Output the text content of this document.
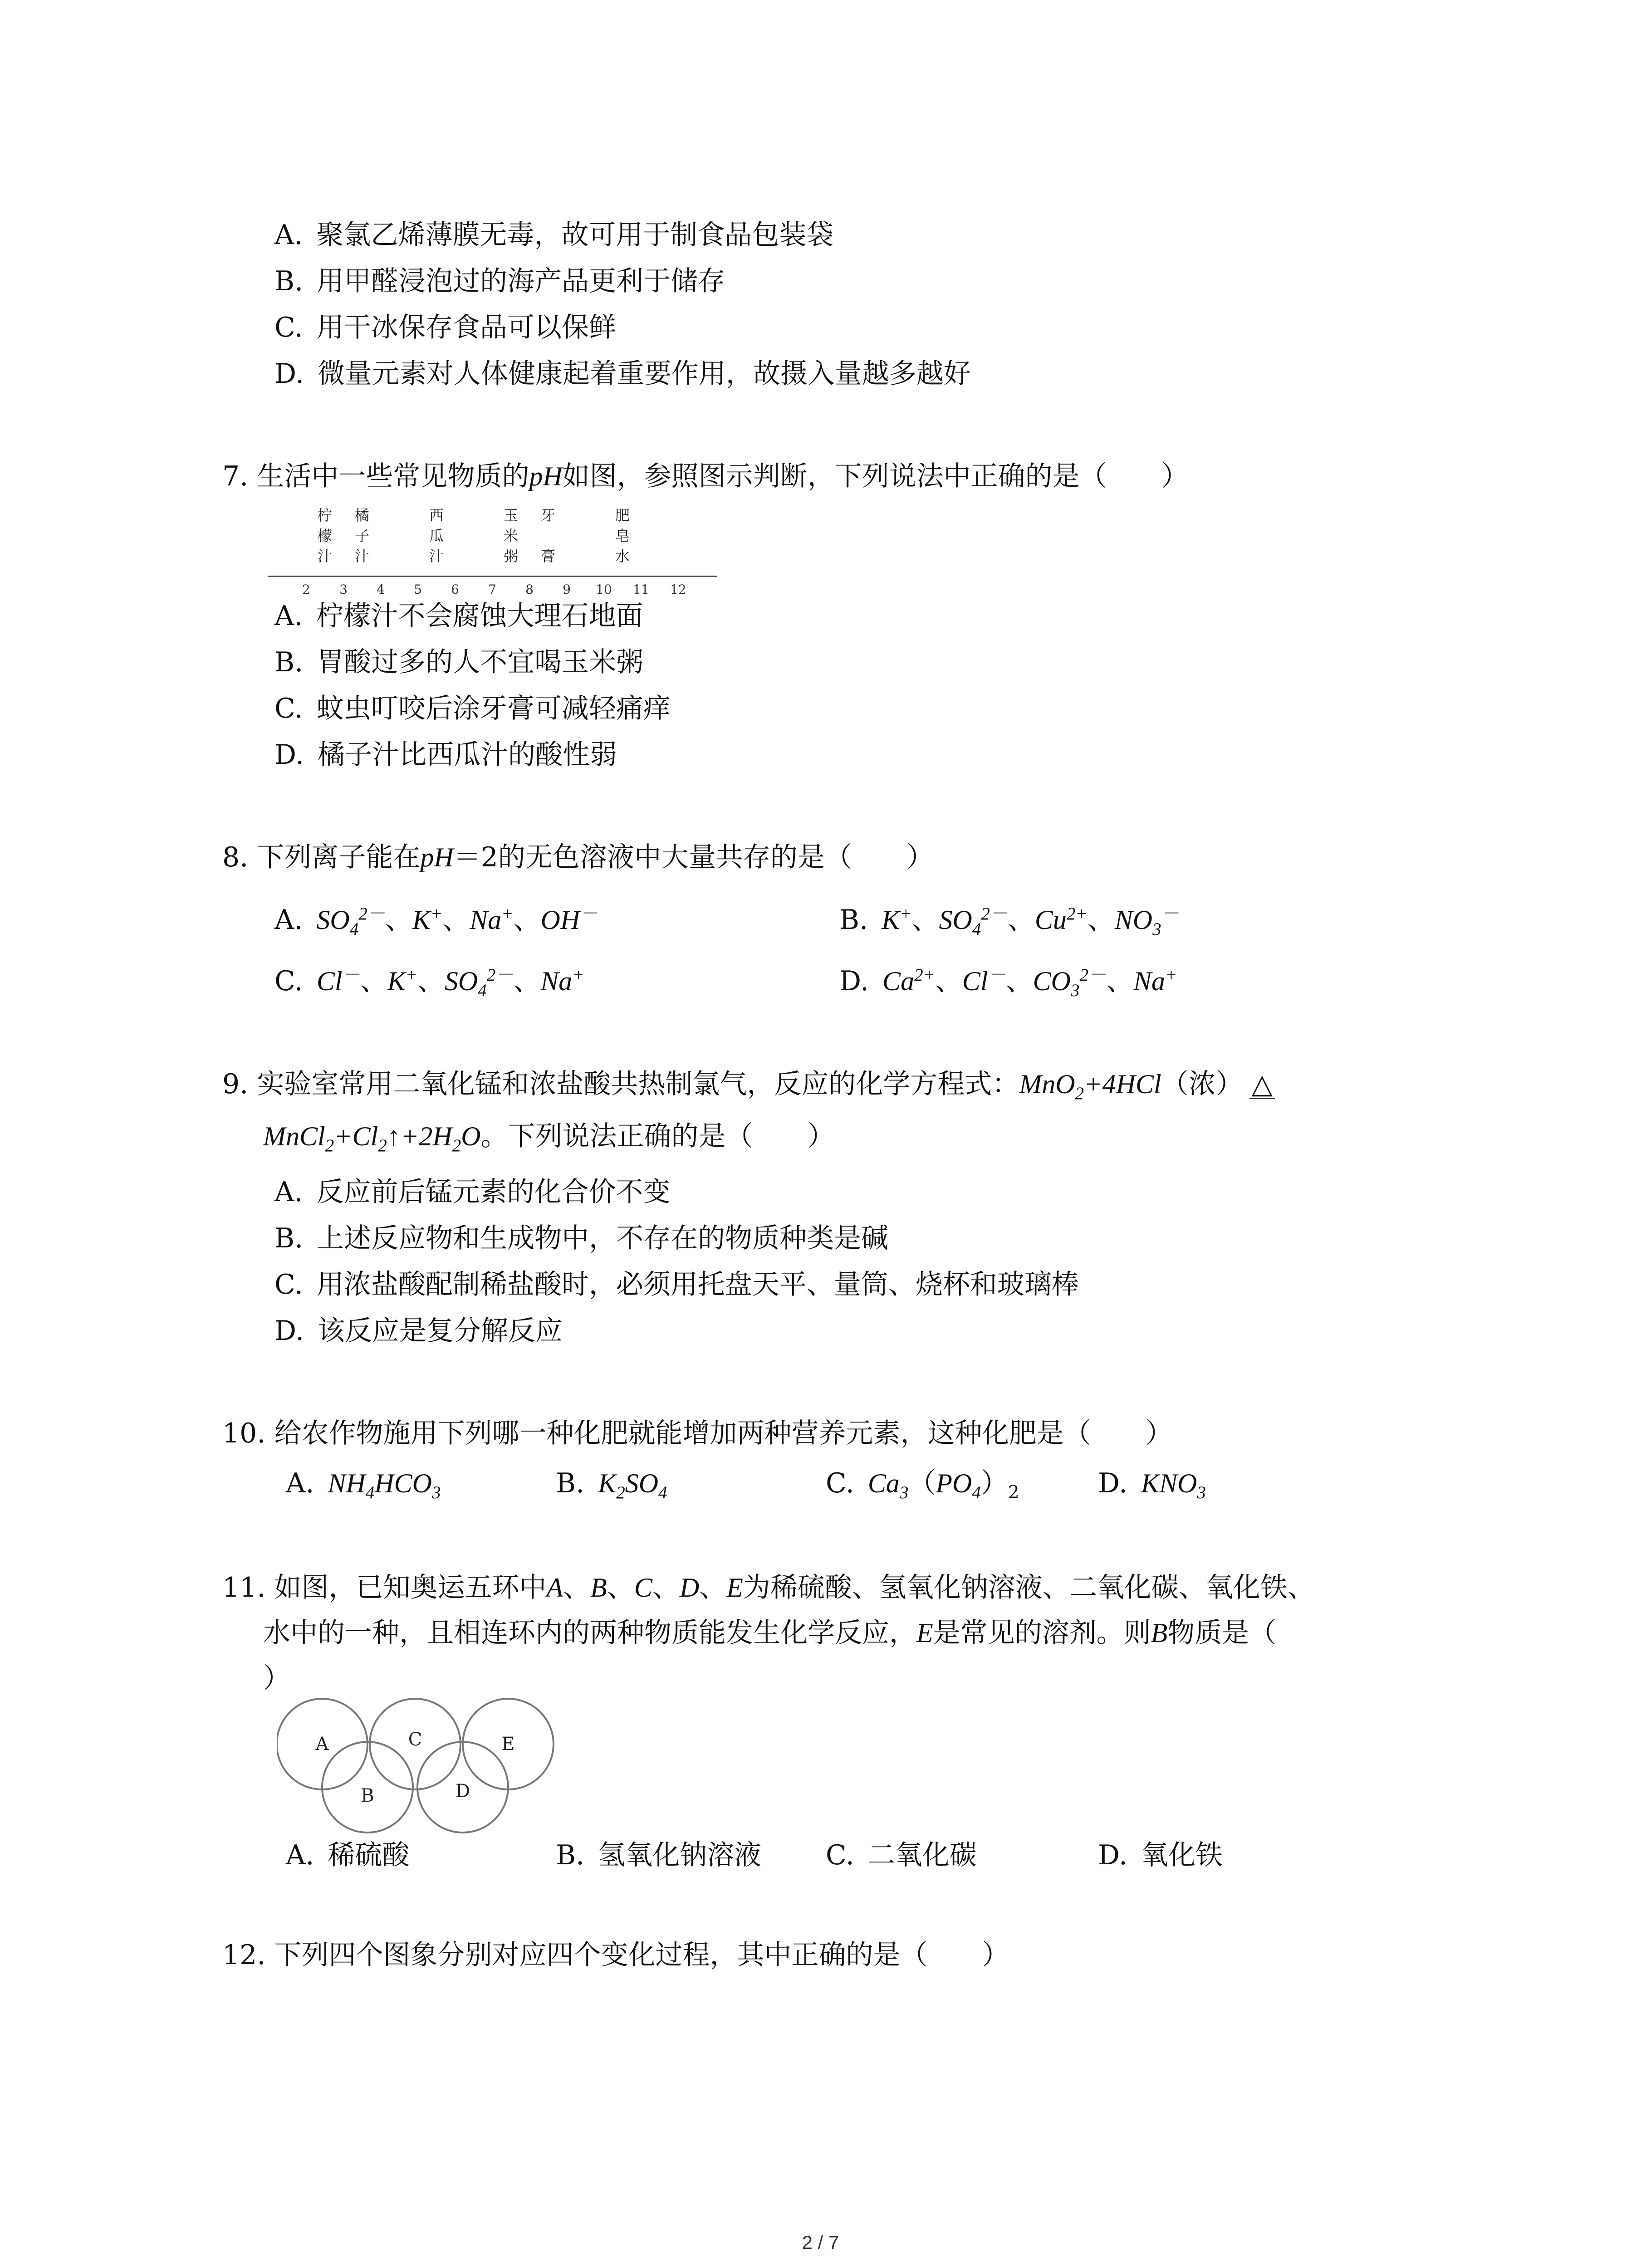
A. 聚氯乙烯薄膜无毒，故可用于制食品包装袋
B. 用甲醛浸泡过的海产品更利于储存
C. 用干冰保存食品可以保鲜
D. 微量元素对人体健康起着重要作用，故摄入量越多越好
7. 生活中一些常见物质的pH如图，参照图示判断，下列说法中正确的是（　　）
2	3	4	5	6	7	8	9	10 11 12
柠
檬
汁
橘
子
汁
西
瓜
汁
玉
米
粥
牙
膏
肥
皂
水
A. 柠檬汁不会腐蚀大理石地面
B. 胃酸过多的人不宜喝玉米粥
C. 蚊虫叮咬后涂牙膏可减轻痛痒
D. 橘子汁比西瓜汁的酸性弱
8. 下列离子能在pH＝2的无色溶液中大量共存的是（　　）
A. $SO_4^{2-}$、K+、Na+、OH－	B. K+、$SO_4^{2-}$、$Cu^{2+}$、$NO_3^-$
C. Cl－、K+、$SO_4^{2-}$、Na+	D. $Ca^{2+}$、Cl－、$CO_3^{2-}$、Na+
9. 实验室常用二氧化锰和浓盐酸共热制氯气，反应的化学方程式：MnO$_2$+4HCl（浓） △
$MnCl_2+Cl_2↑+2H_2O$。下列说法正确的是（　　）
A. 反应前后锰元素的化合价不变
B. 上述反应物和生成物中，不存在的物质种类是碱
C. 用浓盐酸配制稀盐酸时，必须用托盘天平、量筒、烧杯和玻璃棒
D. 该反应是复分解反应
10. 给农作物施用下列哪一种化肥就能增加两种营养元素，这种化肥是（　　）
A. $NH_4HCO_3$	B. $K_2SO_4$	C. $Ca_3(PO_4)_2$	D. $KNO_3$
11. 如图，已知奥运五环中A、B、C、D、E为稀硫酸、氢氧化钠溶液、二氧化碳、氧化铁、
水中的一种，且相连环内的两种物质能发生化学反应，E是常见的溶剂。则B物质是（
）
A	C	E
B	D
A. 稀硫酸	B. 氢氧化钠溶液 C. 二氧化碳	D. 氧化铁
12. 下列四个图象分别对应四个变化过程，其中正确的是（　　）
2 / 7
